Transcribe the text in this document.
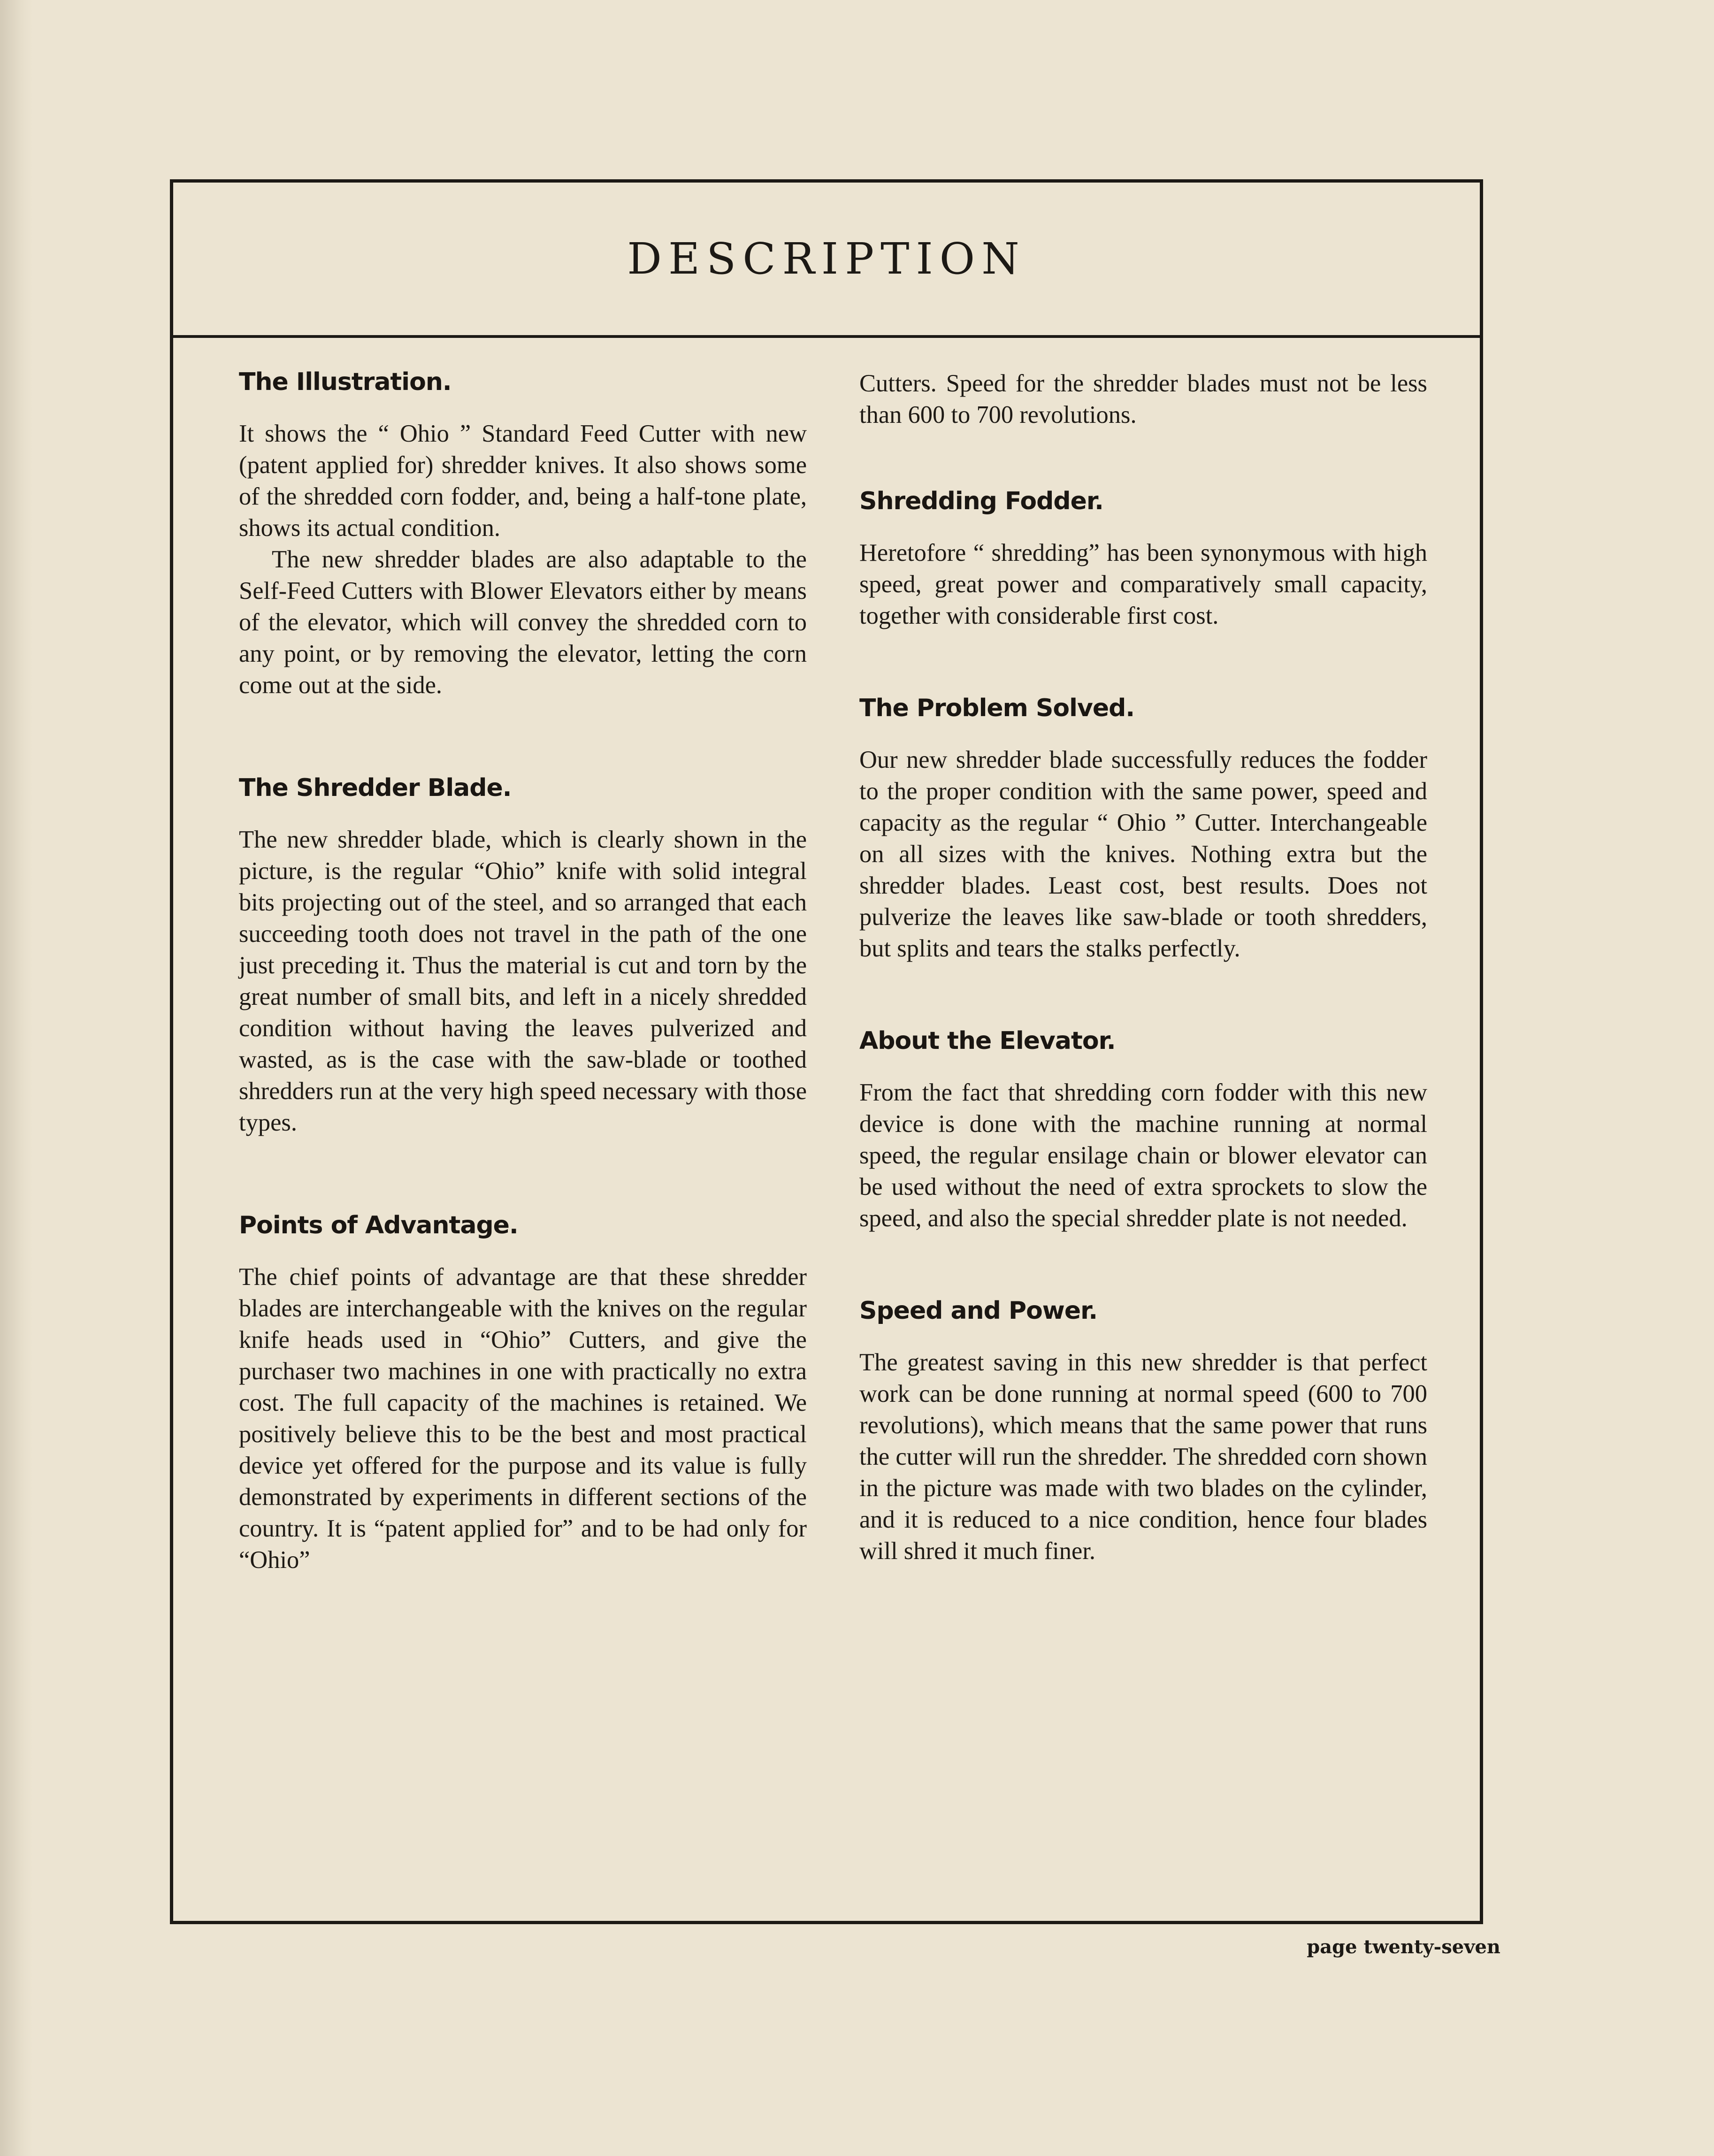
DESCRIPTION
The Illustration.

It shows the “ Ohio ” Standard Feed Cutter with new (patent applied for) shredder knives. It also shows some of the shredded corn fodder, and, being a half-tone plate, shows its actual condition.

The new shredder blades are also adaptable to the Self-Feed Cutters with Blower Elevators either by means of the elevator, which will convey the shredded corn to any point, or by removing the elevator, letting the corn come out at the side.

The Shredder Blade.

The new shredder blade, which is clearly shown in the picture, is the regular “Ohio” knife with solid integral bits projecting out of the steel, and so arranged that each succeeding tooth does not travel in the path of the one just preceding it. Thus the material is cut and torn by the great number of small bits, and left in a nicely shredded condition without having the leaves pulverized and wasted, as is the case with the saw-blade or toothed shredders run at the very high speed necessary with those types.

Points of Advantage.

The chief points of advantage are that these shredder blades are interchangeable with the knives on the regular knife heads used in “Ohio” Cutters, and give the purchaser two machines in one with practically no extra cost. The full capacity of the machines is retained. We positively believe this to be the best and most practical device yet offered for the purpose and its value is fully demonstrated by experiments in different sections of the country. It is “patent applied for” and to be had only for “Ohio”

Cutters. Speed for the shredder blades must not be less than 600 to 700 revolutions.

Shredding Fodder.

Heretofore “ shredding” has been synonymous with high speed, great power and comparatively small capacity, together with considerable first cost.

The Problem Solved.

Our new shredder blade successfully reduces the fodder to the proper condition with the same power, speed and capacity as the regular “ Ohio ” Cutter. Interchangeable on all sizes with the knives. Nothing extra but the shredder blades. Least cost, best results. Does not pulverize the leaves like saw-blade or tooth shredders, but splits and tears the stalks perfectly.

About the Elevator.

From the fact that shredding corn fodder with this new device is done with the machine running at normal speed, the regular ensilage chain or blower elevator can be used without the need of extra sprockets to slow the speed, and also the special shredder plate is not needed.

Speed and Power.

The greatest saving in this new shredder is that perfect work can be done running at normal speed (600 to 700 revolutions), which means that the same power that runs the cutter will run the shredder. The shredded corn shown in the picture was made with two blades on the cylinder, and it is reduced to a nice condition, hence four blades will shred it much finer.

page twenty-seven
